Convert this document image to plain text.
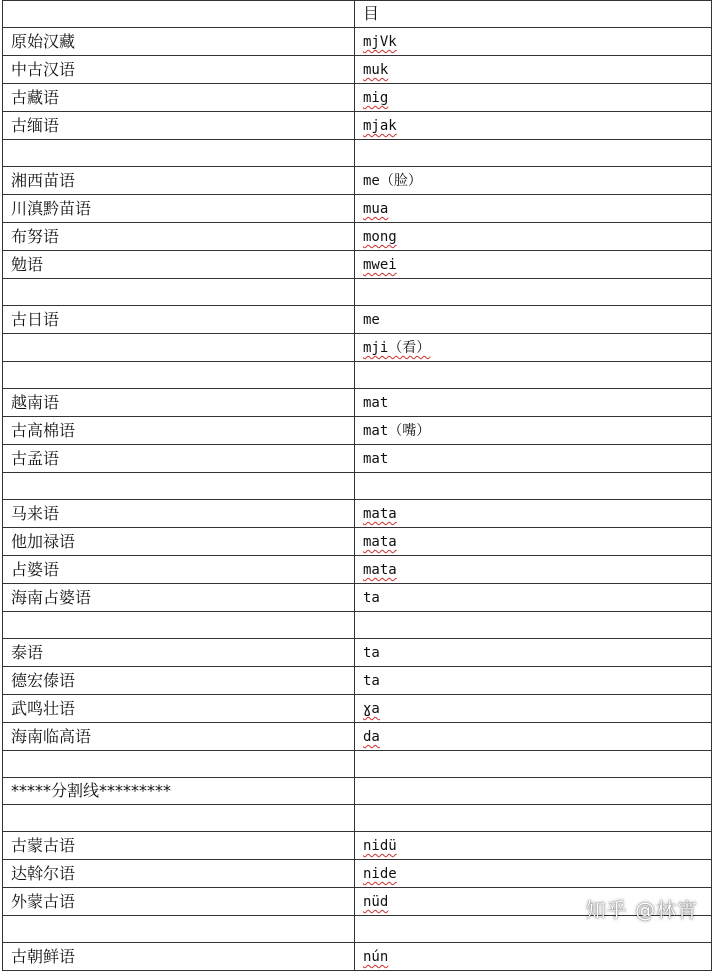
	目
原始汉藏	mjVk
中古汉语	muk
古藏语	mig
古缅语	mjak

湘西苗语	me（脸）
川滇黔苗语	mua
布努语	mong
勉语	mwei

古日语	me
	mji（看）

越南语	mat
古高棉语	mat（嘴）
古孟语	mat

马来语	mata
他加禄语	mata
占婆语	mata
海南占婆语	ta

泰语	ta
德宏傣语	ta
武鸣壮语	ɣa
海南临高语	da

*****分割线*********	

古蒙古语	nidü
达斡尔语	nide
外蒙古语	nüd

古朝鲜语	nún
知乎 @林宵
